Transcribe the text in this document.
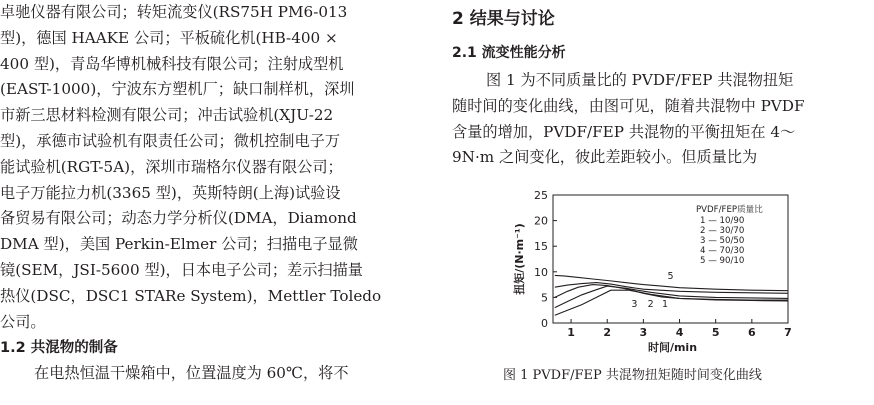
卓驰仪器有限公司；转矩流变仪(RS75H PM6-013

型)，德国 HAAKE 公司；平板硫化机(HB-400 ×

400 型)，青岛华博机械科技有限公司；注射成型机

(EAST-1000)，宁波东方塑机厂；缺口制样机，深圳

市新三思材料检测有限公司；冲击试验机(XJU-22

型)，承德市试验机有限责任公司；微机控制电子万

能试验机(RGT-5A)，深圳市瑞格尔仪器有限公司；

电子万能拉力机(3365 型)，英斯特朗(上海)试验设

备贸易有限公司；动态力学分析仪(DMA，Diamond

DMA 型)，美国 Perkin-Elmer 公司；扫描电子显微

镜(SEM，JSI-5600 型)，日本电子公司；差示扫描量

热仪(DSC，DSC1 STARe System)，Mettler Toledo

公司。

1.2 共混物的制备

在电热恒温干燥箱中，位置温度为 60℃，将不

2 结果与讨论
2.1 流变性能分析

图 1 为不同质量比的 PVDF/FEP 共混物扭矩

随时间的变化曲线，由图可见，随着共混物中 PVDF

含量的增加，PVDF/FEP 共混物的平衡扭矩在 4～

9N·m 之间变化，彼此差距较小。但质量比为

0
5
10
15
20
25
1	2	3	4	5	6	7
时间/min
扭矩/(N·m⁻¹)
1
2
3
5
PVDF/FEP质量比
1 — 10/90
2 — 30/70
3 — 50/50
4 — 70/30
5 — 90/10
图 1 PVDF/FEP 共混物扭矩随时间变化曲线
